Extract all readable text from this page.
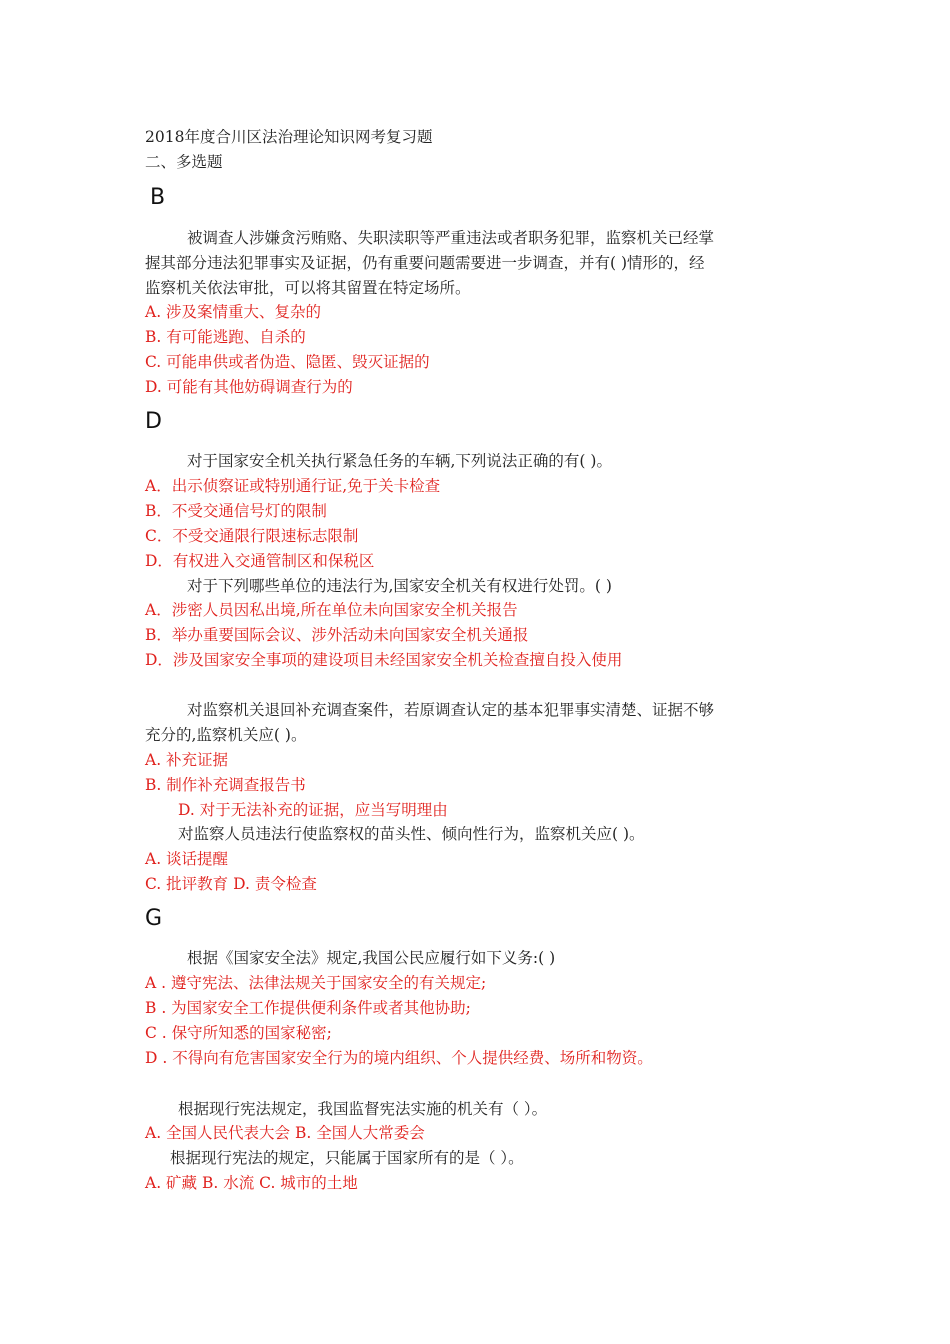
2018年度合川区法治理论知识网考复习题
二、多选题
B
被调查人涉嫌贪污贿赂、失职渎职等严重违法或者职务犯罪，监察机关已经掌
握其部分违法犯罪事实及证据，仍有重要问题需要进一步调查，并有( )情形的，经
监察机关依法审批，可以将其留置在特定场所。
A. 涉及案情重大、复杂的
B. 有可能逃跑、自杀的
C. 可能串供或者伪造、隐匿、毁灭证据的
D. 可能有其他妨碍调查行为的
D
对于国家安全机关执行紧急任务的车辆,下列说法正确的有( )。
A．出示侦察证或特别通行证,免于关卡检查
B．不受交通信号灯的限制
C．不受交通限行限速标志限制
D．有权进入交通管制区和保税区
对于下列哪些单位的违法行为,国家安全机关有权进行处罚。( )
A．涉密人员因私出境,所在单位未向国家安全机关报告
B．举办重要国际会议、涉外活动未向国家安全机关通报
D．涉及国家安全事项的建设项目未经国家安全机关检查擅自投入使用
对监察机关退回补充调查案件，若原调查认定的基本犯罪事实清楚、证据不够
充分的,监察机关应( )。
A. 补充证据
B. 制作补充调查报告书
D. 对于无法补充的证据，应当写明理由
对监察人员违法行使监察权的苗头性、倾向性行为，监察机关应( )。
A. 谈话提醒
C. 批评教育 D. 责令检查
G
根据《国家安全法》规定,我国公民应履行如下义务:( )
A . 遵守宪法、法律法规关于国家安全的有关规定;
B . 为国家安全工作提供便利条件或者其他协助;
C . 保守所知悉的国家秘密;
D . 不得向有危害国家安全行为的境内组织、个人提供经费、场所和物资。
根据现行宪法规定，我国监督宪法实施的机关有（ ）。
A. 全国人民代表大会 B. 全国人大常委会
根据现行宪法的规定，只能属于国家所有的是（ ）。
A. 矿藏 B. 水流 C. 城市的土地
